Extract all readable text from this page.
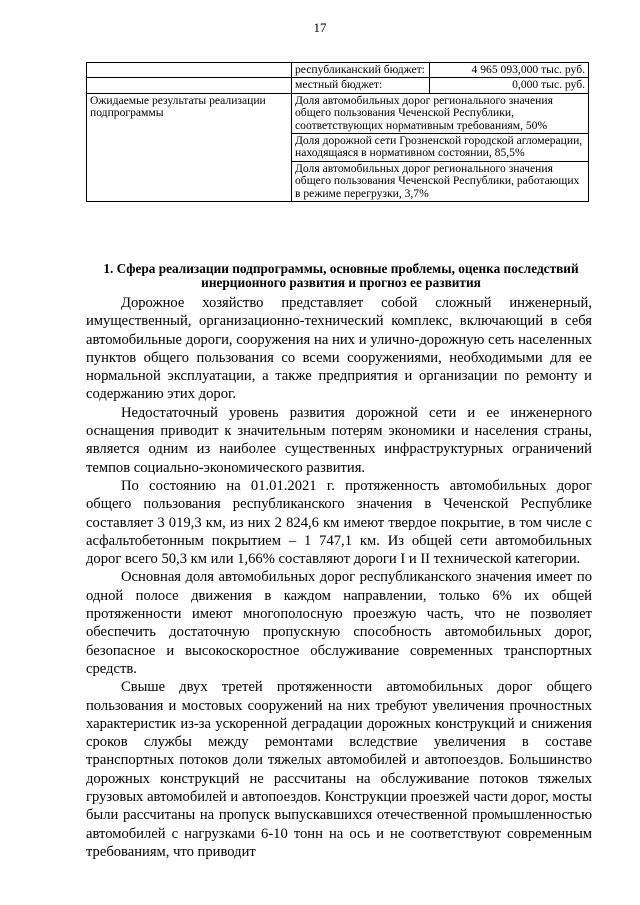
17
	республиканский бюджет:	4 965 093,000 тыс. руб.
	местный бюджет:	0,000 тыс. руб.
Ожидаемые результаты реализации подпрограммы	Доля автомобильных дорог регионального значения общего пользования Чеченской Республики, соответствующих нормативным требованиям, 50%	
	Доля дорожной сети Грозненской городской агломерации, находящаяся в нормативном состоянии, 85,5%	
	Доля автомобильных дорог регионального значения общего пользования Чеченской Республики, работающих в режиме перегрузки, 3,7%	
1. Сфера реализации подпрограммы, основные проблемы, оценка последствий инерционного развития и прогноз ее развития

Дорожное хозяйство представляет собой сложный инженерный, имущественный, организационно-технический комплекс, включающий в себя автомобильные дороги, сооружения на них и улично-дорожную сеть населенных пунктов общего пользования со всеми сооружениями, необходимыми для ее нормальной эксплуатации, а также предприятия и организации по ремонту и содержанию этих дорог.

Недостаточный уровень развития дорожной сети и ее инженерного оснащения приводит к значительным потерям экономики и населения страны, является одним из наиболее существенных инфраструктурных ограничений темпов социально-экономического развития.

По состоянию на 01.01.2021 г. протяженность автомобильных дорог общего пользования республиканского значения в Чеченской Республике составляет 3 019,3 км, из них 2 824,6 км имеют твердое покрытие, в том числе с асфальтобетонным покрытием – 1 747,1 км. Из общей сети автомобильных дорог всего 50,3 км или 1,66% составляют дороги I и II технической категории.

Основная доля автомобильных дорог республиканского значения имеет по одной полосе движения в каждом направлении, только 6% их общей протяженности имеют многополосную проезжую часть, что не позволяет обеспечить достаточную пропускную способность автомобильных дорог, безопасное и высокоскоростное обслуживание современных транспортных средств.

Свыше двух третей протяженности автомобильных дорог общего пользования и мостовых сооружений на них требуют увеличения прочностных характеристик из-за ускоренной деградации дорожных конструкций и снижения сроков службы между ремонтами вследствие увеличения в составе транспортных потоков доли тяжелых автомобилей и автопоездов. Большинство дорожных конструкций не рассчитаны на обслуживание потоков тяжелых грузовых автомобилей и автопоездов. Конструкции проезжей части дорог, мосты были рассчитаны на пропуск выпускавшихся отечественной промышленностью автомобилей с нагрузками 6-10 тонн на ось и не соответствуют современным требованиям, что приводит
